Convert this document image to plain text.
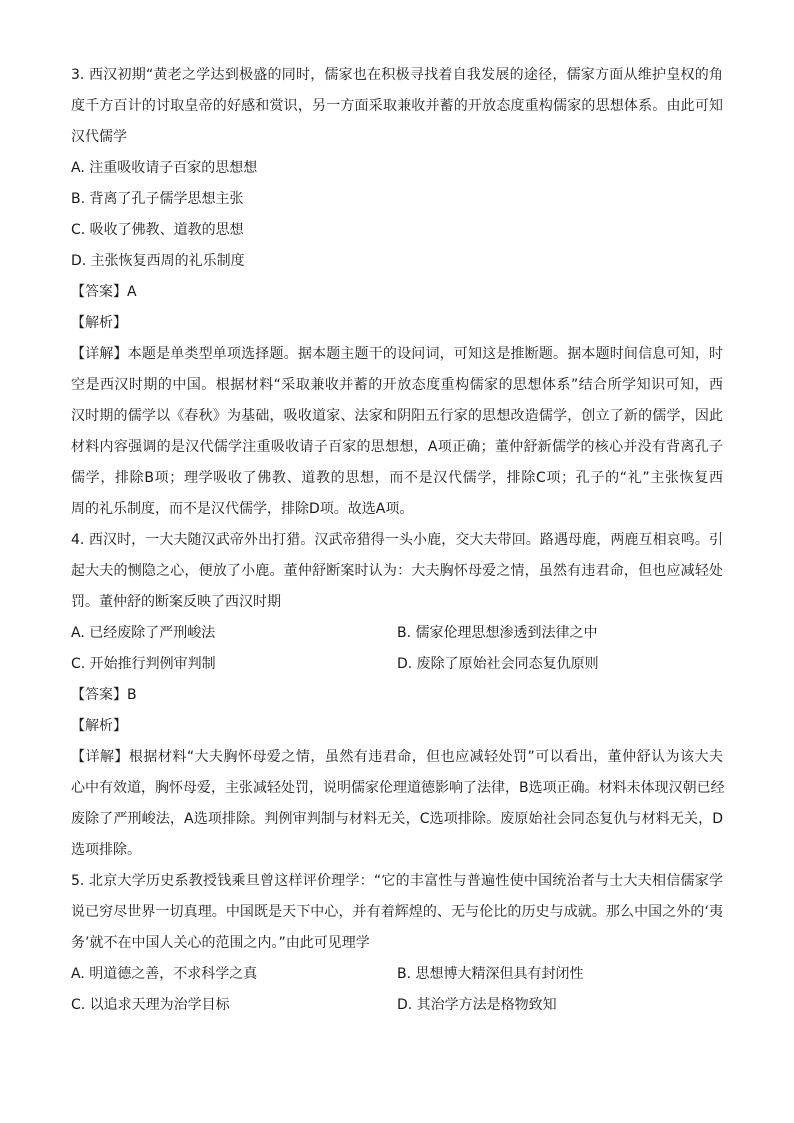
3. 西汉初期“黄老之学达到极盛的同时，儒家也在积极寻找着自我发展的途径，儒家方面从维护皇权的角
度千方百计的讨取皇帝的好感和赏识，另一方面采取兼收并蓄的开放态度重构儒家的思想体系。由此可知
汉代儒学
A. 注重吸收请子百家的思想想
B. 背离了孔子儒学思想主张
C. 吸收了佛教、道教的思想
D. 主张恢复西周的礼乐制度
【答案】A
【解析】
【详解】本题是单类型单项选择题。据本题主题干的设问词，可知这是推断题。据本题时间信息可知，时
空是西汉时期的中国。根据材料“采取兼收并蓄的开放态度重构儒家的思想体系”结合所学知识可知，西
汉时期的儒学以《春秋》为基础，吸收道家、法家和阴阳五行家的思想改造儒学，创立了新的儒学，因此
材料内容强调的是汉代儒学注重吸收请子百家的思想想，A项正确；董仲舒新儒学的核心并没有背离孔子
儒学，排除B项；理学吸收了佛教、道教的思想，而不是汉代儒学，排除C项；孔子的“礼”主张恢复西
周的礼乐制度，而不是汉代儒学，排除D项。故选A项。
4. 西汉时，一大夫随汉武帝外出打猎。汉武帝猎得一头小鹿，交大夫带回。路遇母鹿，两鹿互相哀鸣。引
起大夫的恻隐之心，便放了小鹿。董仲舒断案时认为：大夫胸怀母爱之情，虽然有违君命，但也应减轻处
罚。董仲舒的断案反映了西汉时期
A. 已经废除了严刑峻法	B. 儒家伦理思想渗透到法律之中
C. 开始推行判例审判制	D. 废除了原始社会同态复仇原则
【答案】B
【解析】
【详解】根据材料“大夫胸怀母爱之情，虽然有违君命，但也应减轻处罚”可以看出，董仲舒认为该大夫
心中有效道，胸怀母爱，主张减轻处罚，说明儒家伦理道德影响了法律，B选项正确。材料未体现汉朝已经
废除了严刑峻法，A选项排除。判例审判制与材料无关，C选项排除。废原始社会同态复仇与材料无关，D
选项排除。
5. 北京大学历史系教授钱乘旦曾这样评价理学：“它的丰富性与普遍性使中国统治者与士大夫相信儒家学
说已穷尽世界一切真理。中国既是天下中心，并有着辉煌的、无与伦比的历史与成就。那么中国之外的‘夷
务’就不在中国人关心的范围之内。”由此可见理学
A. 明道德之善，不求科学之真	B. 思想博大精深但具有封闭性
C. 以追求天理为治学目标	D. 其治学方法是格物致知
